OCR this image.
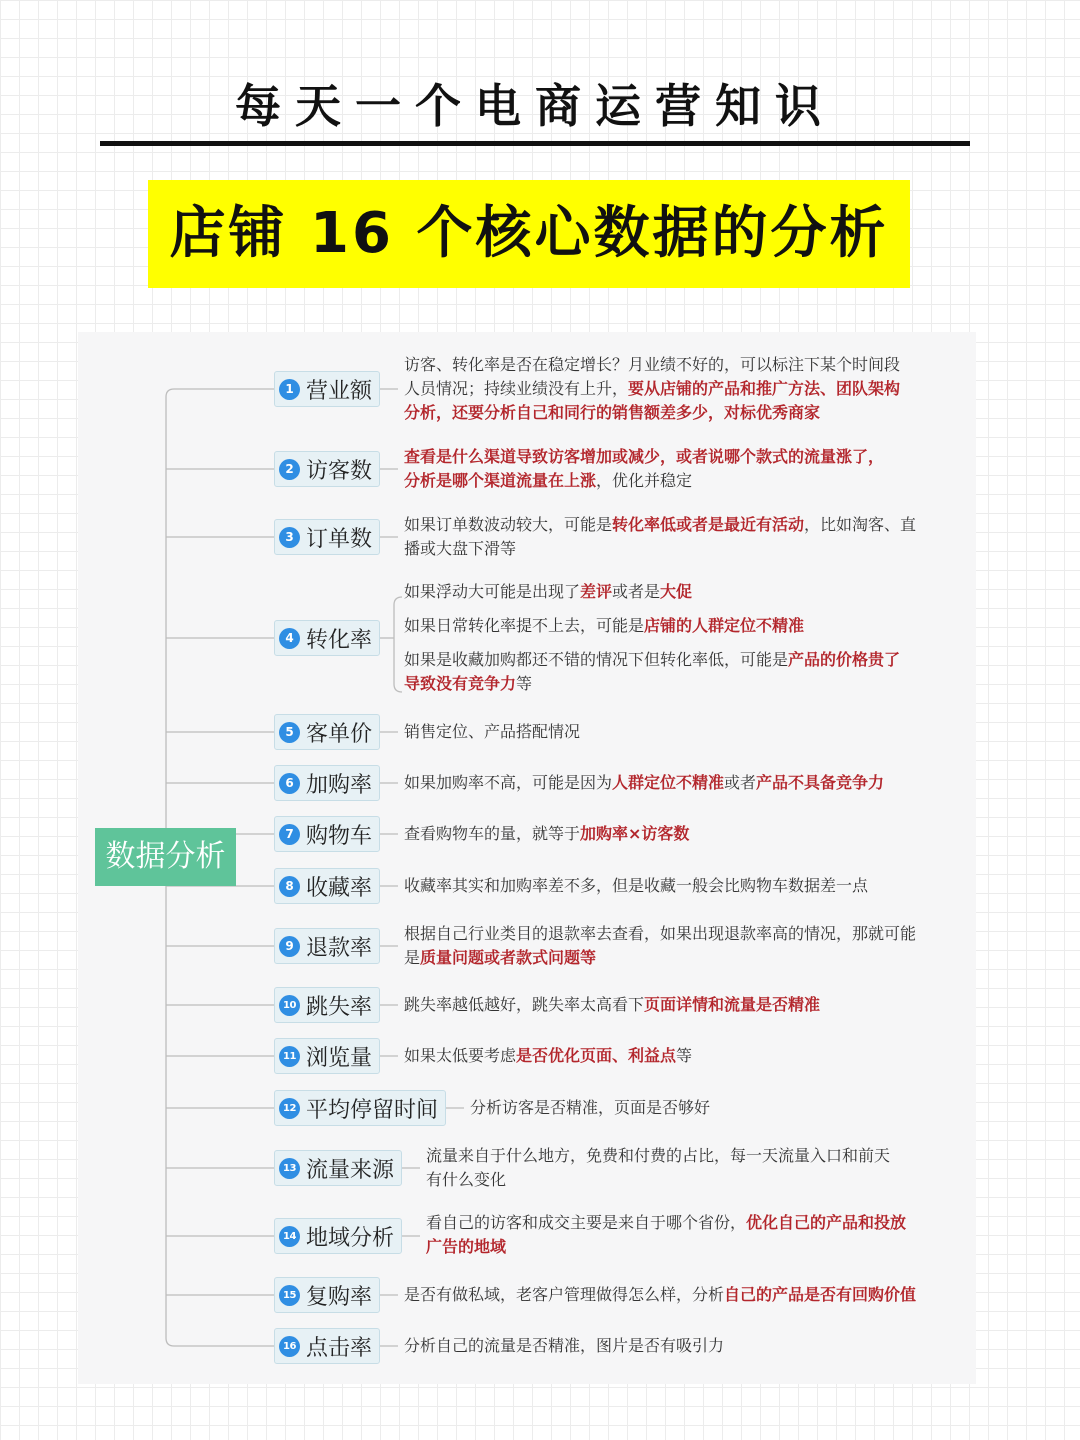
每天一个电商运营知识
店铺 16 个核心数据的分析
数据分析
1 营业额
访客、转化率是否在稳定增长？月业绩不好的，可以标注下某个时间段
人员情况；持续业绩没有上升，要从店铺的产品和推广方法、团队架构
分析，还要分析自己和同行的销售额差多少，对标优秀商家
2 访客数
查看是什么渠道导致访客增加或减少，或者说哪个款式的流量涨了，
分析是哪个渠道流量在上涨，优化并稳定
3 订单数
如果订单数波动较大，可能是转化率低或者是最近有活动，比如淘客、直
播或大盘下滑等
4 转化率
如果浮动大可能是出现了差评或者是大促
如果日常转化率提不上去，可能是店铺的人群定位不精准
如果是收藏加购都还不错的情况下但转化率低，可能是产品的价格贵了
导致没有竞争力等
5 客单价 销售定位、产品搭配情况
6 加购率 如果加购率不高，可能是因为人群定位不精准或者产品不具备竞争力
7 购物车 查看购物车的量，就等于加购率×访客数
8 收藏率 收藏率其实和加购率差不多，但是收藏一般会比购物车数据差一点
9 退款率
根据自己行业类目的退款率去查看，如果出现退款率高的情况，那就可能
是质量问题或者款式问题等
10 跳失率 跳失率越低越好，跳失率太高看下页面详情和流量是否精准
11 浏览量 如果太低要考虑是否优化页面、利益点等
12 平均停留时间 分析访客是否精准，页面是否够好
13 流量来源
流量来自于什么地方，免费和付费的占比，每一天流量入口和前天
有什么变化
14 地域分析
看自己的访客和成交主要是来自于哪个省份，优化自己的产品和投放
广告的地域
15 复购率 是否有做私域，老客户管理做得怎么样，分析自己的产品是否有回购价值
16 点击率 分析自己的流量是否精准，图片是否有吸引力
